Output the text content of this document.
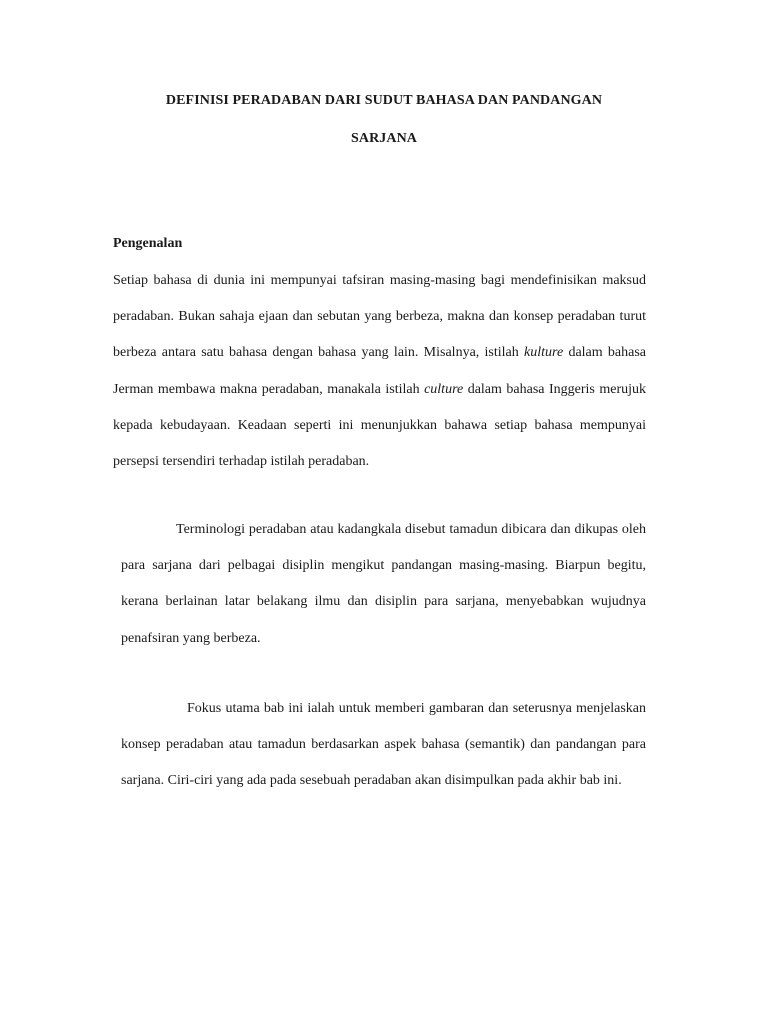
DEFINISI PERADABAN DARI SUDUT BAHASA DAN PANDANGAN
SARJANA
Pengenalan

Setiap bahasa di dunia ini mempunyai tafsiran masing-masing bagi mendefinisikan maksud peradaban. Bukan sahaja ejaan dan sebutan yang berbeza, makna dan konsep peradaban turut berbeza antara satu bahasa dengan bahasa yang lain. Misalnya, istilah kulture dalam bahasa Jerman membawa makna peradaban, manakala istilah culture dalam bahasa Inggeris merujuk kepada kebudayaan. Keadaan seperti ini menunjukkan bahawa setiap bahasa mempunyai persepsi tersendiri terhadap istilah peradaban.

Terminologi peradaban atau kadangkala disebut tamadun dibicara dan dikupas oleh para sarjana dari pelbagai disiplin mengikut pandangan masing-masing. Biarpun begitu, kerana berlainan latar belakang ilmu dan disiplin para sarjana, menyebabkan wujudnya penafsiran yang berbeza.

Fokus utama bab ini ialah untuk memberi gambaran dan seterusnya menjelaskan konsep peradaban atau tamadun berdasarkan aspek bahasa (semantik) dan pandangan para sarjana. Ciri-ciri yang ada pada sesebuah peradaban akan disimpulkan pada akhir bab ini.
